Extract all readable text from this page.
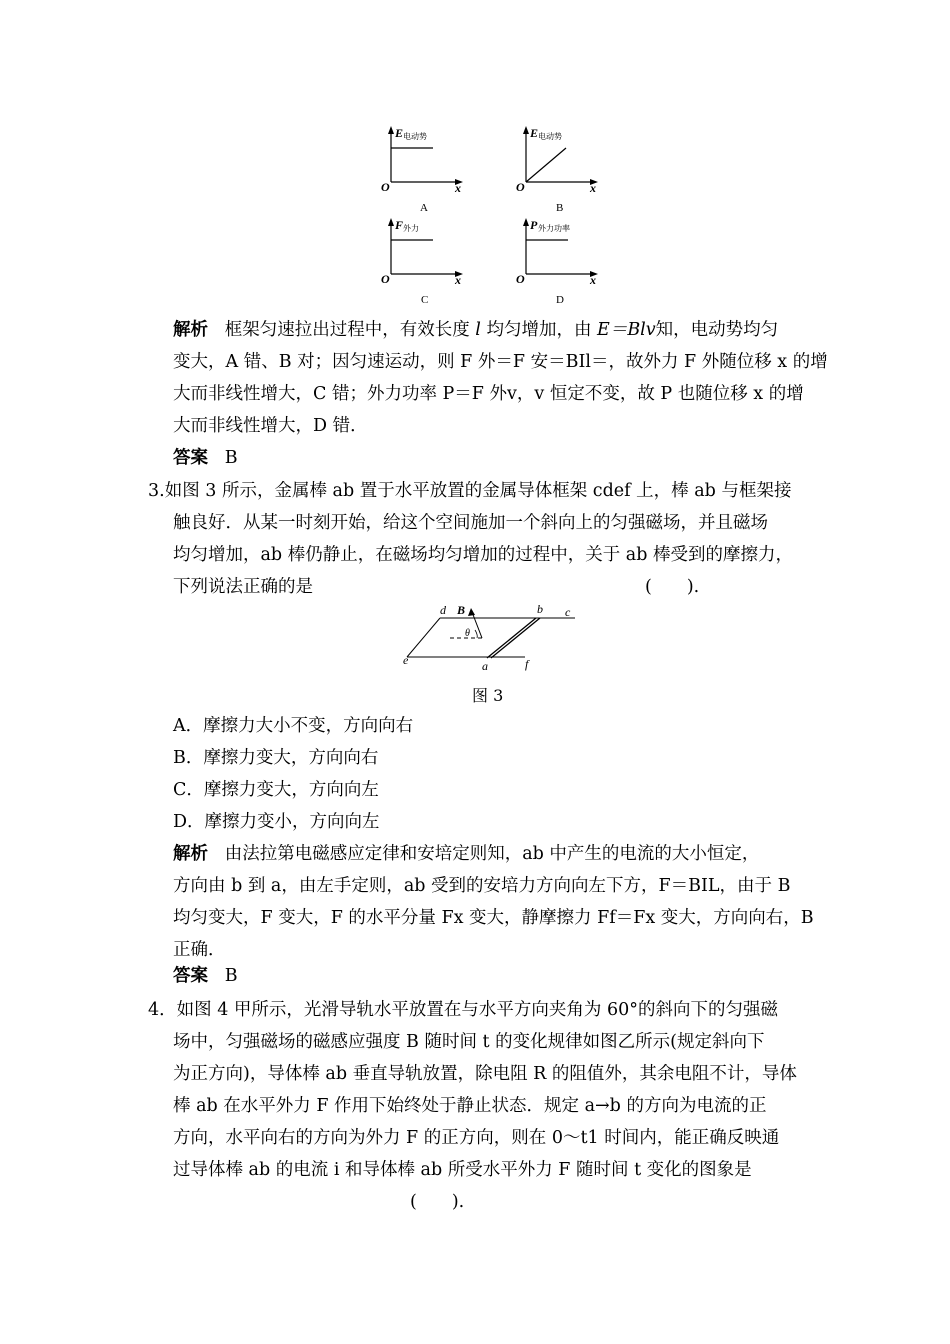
E 电动势
O	x
A
E 电动势
O	x
B
F 外力
O	x
C
P 外力功率
O	x
D
解析 框架匀速拉出过程中，有效长度 l 均匀增加，由 E＝Blv知，电动势均匀
变大，A 错、B 对；因匀速运动，则 F 外＝F 安＝BIl＝，故外力 F 外随位移 x 的增
大而非线性增大，C 错；外力功率 P＝F 外v，v 恒定不变，故 P 也随位移 x 的增
大而非线性增大，D 错．
答案 B
3.如图 3 所示，金属棒 ab 置于水平放置的金属导体框架 cdef 上，棒 ab 与框架接
触良好．从某一时刻开始，给这个空间施加一个斜向上的匀强磁场，并且磁场
均匀增加，ab 棒仍静止，在磁场均匀增加的过程中，关于 ab 棒受到的摩擦力，
下列说法正确的是	(　　).
d B	b c
θ
e	a	f
图 3
A．摩擦力大小不变，方向向右
B．摩擦力变大，方向向右
C．摩擦力变大，方向向左
D．摩擦力变小，方向向左
解析 由法拉第电磁感应定律和安培定则知，ab 中产生的电流的大小恒定，
方向由 b 到 a，由左手定则，ab 受到的安培力方向向左下方，F＝BIL，由于 B
均匀变大，F 变大，F 的水平分量 Fx 变大，静摩擦力 Ff＝Fx 变大，方向向右，B
正确．
答案 B
4．如图 4 甲所示，光滑导轨水平放置在与水平方向夹角为 60°的斜向下的匀强磁
场中，匀强磁场的磁感应强度 B 随时间 t 的变化规律如图乙所示(规定斜向下
为正方向)，导体棒 ab 垂直导轨放置，除电阻 R 的阻值外，其余电阻不计，导体
棒 ab 在水平外力 F 作用下始终处于静止状态．规定 a→b 的方向为电流的正
方向，水平向右的方向为外力 F 的正方向，则在 0～t1 时间内，能正确反映通
过导体棒 ab 的电流 i 和导体棒 ab 所受水平外力 F 随时间 t 变化的图象是
(　　).
